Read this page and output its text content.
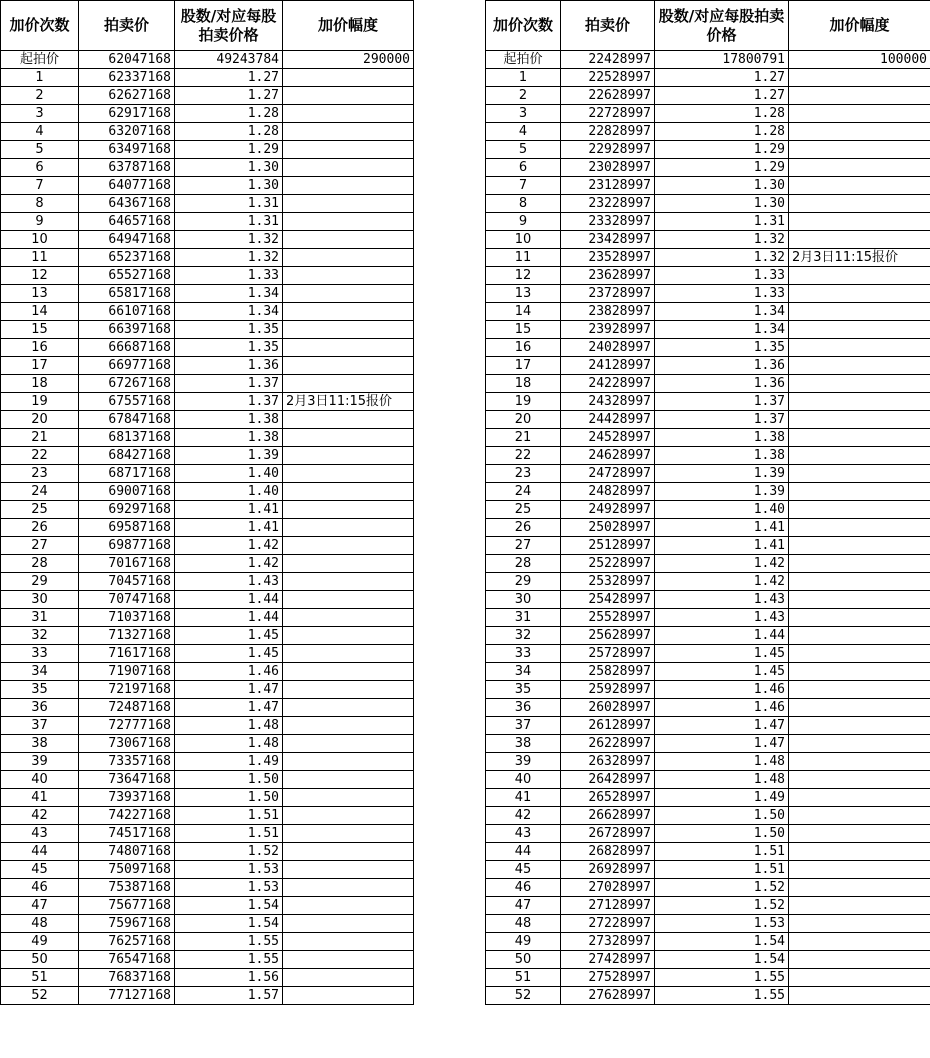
加价次数	拍卖价	股数/对应每股拍卖价格	加价幅度
起拍价	62047168	49243784	290000
1	62337168	1.27	
2	62627168	1.27	
3	62917168	1.28	
4	63207168	1.28	
5	63497168	1.29	
6	63787168	1.30	
7	64077168	1.30	
8	64367168	1.31	
9	64657168	1.31	
10	64947168	1.32	
11	65237168	1.32	
12	65527168	1.33	
13	65817168	1.34	
14	66107168	1.34	
15	66397168	1.35	
16	66687168	1.35	
17	66977168	1.36	
18	67267168	1.37	
19	67557168	1.37	2月3日11:15报价
20	67847168	1.38	
21	68137168	1.38	
22	68427168	1.39	
23	68717168	1.40	
24	69007168	1.40	
25	69297168	1.41	
26	69587168	1.41	
27	69877168	1.42	
28	70167168	1.42	
29	70457168	1.43	
30	70747168	1.44	
31	71037168	1.44	
32	71327168	1.45	
33	71617168	1.45	
34	71907168	1.46	
35	72197168	1.47	
36	72487168	1.47	
37	72777168	1.48	
38	73067168	1.48	
39	73357168	1.49	
40	73647168	1.50	
41	73937168	1.50	
42	74227168	1.51	
43	74517168	1.51	
44	74807168	1.52	
45	75097168	1.53	
46	75387168	1.53	
47	75677168	1.54	
48	75967168	1.54	
49	76257168	1.55	
50	76547168	1.55	
51	76837168	1.56	
52	77127168	1.57	
加价次数	拍卖价	股数/对应每股拍卖价格	加价幅度
起拍价	22428997	17800791	100000
1	22528997	1.27	
2	22628997	1.27	
3	22728997	1.28	
4	22828997	1.28	
5	22928997	1.29	
6	23028997	1.29	
7	23128997	1.30	
8	23228997	1.30	
9	23328997	1.31	
10	23428997	1.32	
11	23528997	1.32	2月3日11:15报价
12	23628997	1.33	
13	23728997	1.33	
14	23828997	1.34	
15	23928997	1.34	
16	24028997	1.35	
17	24128997	1.36	
18	24228997	1.36	
19	24328997	1.37	
20	24428997	1.37	
21	24528997	1.38	
22	24628997	1.38	
23	24728997	1.39	
24	24828997	1.39	
25	24928997	1.40	
26	25028997	1.41	
27	25128997	1.41	
28	25228997	1.42	
29	25328997	1.42	
30	25428997	1.43	
31	25528997	1.43	
32	25628997	1.44	
33	25728997	1.45	
34	25828997	1.45	
35	25928997	1.46	
36	26028997	1.46	
37	26128997	1.47	
38	26228997	1.47	
39	26328997	1.48	
40	26428997	1.48	
41	26528997	1.49	
42	26628997	1.50	
43	26728997	1.50	
44	26828997	1.51	
45	26928997	1.51	
46	27028997	1.52	
47	27128997	1.52	
48	27228997	1.53	
49	27328997	1.54	
50	27428997	1.54	
51	27528997	1.55	
52	27628997	1.55	
